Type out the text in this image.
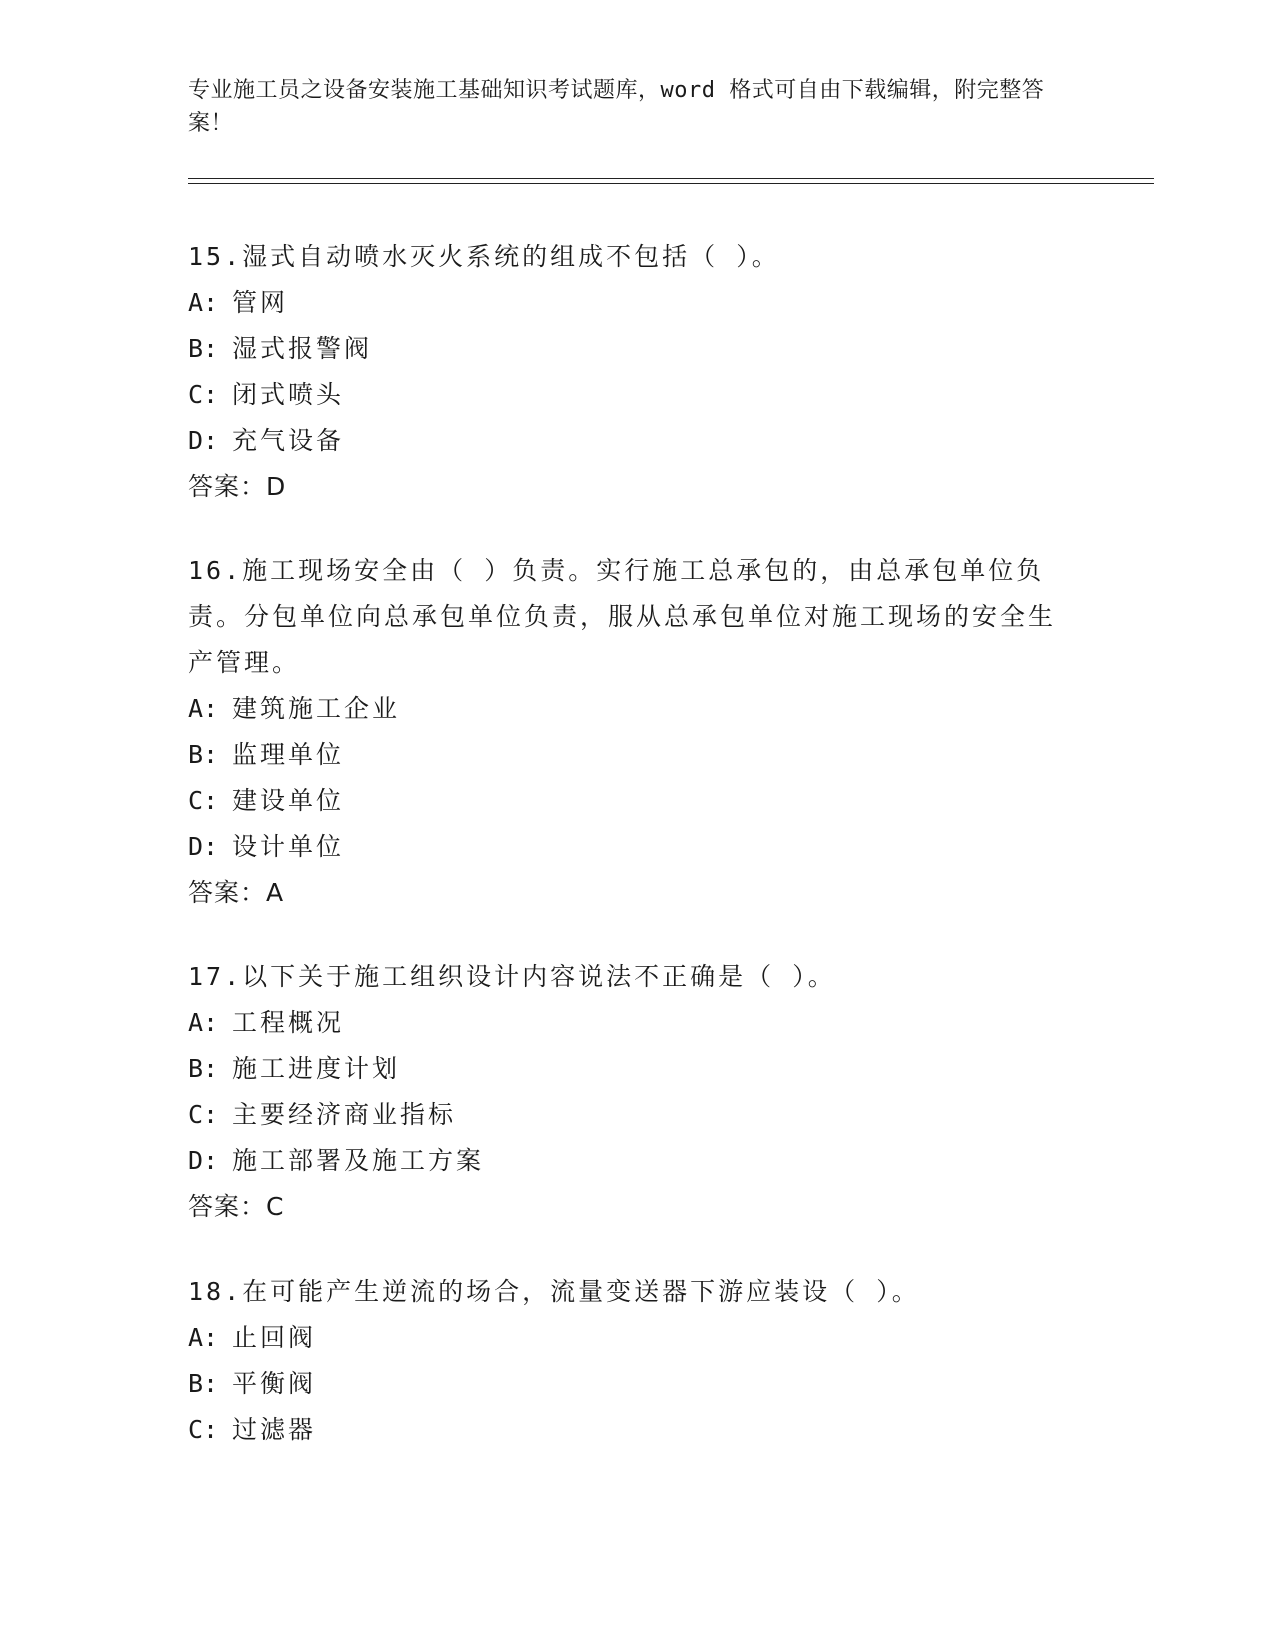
专业施工员之设备安装施工基础知识考试题库，word 格式可自由下载编辑，附完整答案！

15.湿式自动喷水灭火系统的组成不包括（ ）。

A: 管网
B: 湿式报警阀
C: 闭式喷头
D: 充气设备
答案：D

16.施工现场安全由（ ）负责。实行施工总承包的，由总承包单位负责。分包单位向总承包单位负责，服从总承包单位对施工现场的安全生产管理。

A: 建筑施工企业
B: 监理单位
C: 建设单位
D: 设计单位
答案：A

17.以下关于施工组织设计内容说法不正确是（ ）。

A: 工程概况
B: 施工进度计划
C: 主要经济商业指标
D: 施工部署及施工方案
答案：C

18.在可能产生逆流的场合，流量变送器下游应装设（ ）。

A: 止回阀
B: 平衡阀
C: 过滤器
